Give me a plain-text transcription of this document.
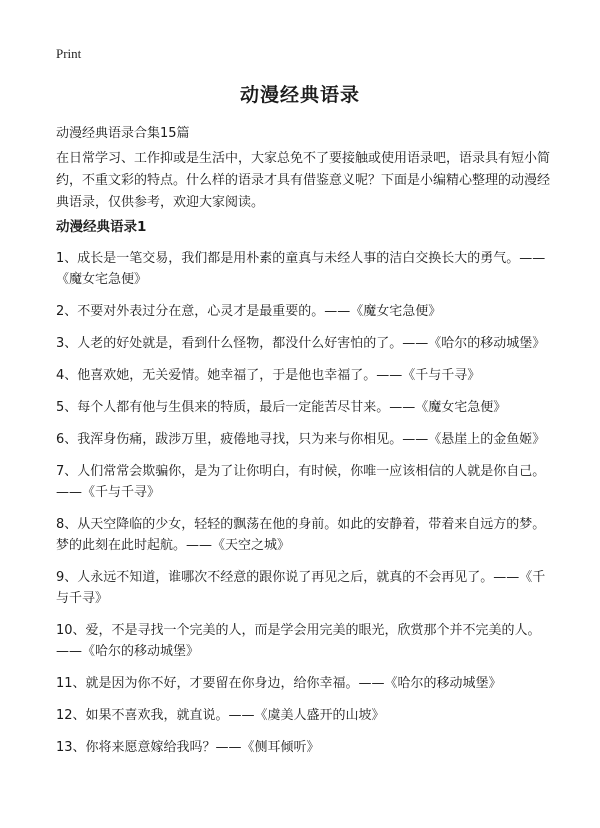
Print
动漫经典语录
动漫经典语录合集15篇
在日常学习、工作抑或是生活中，大家总免不了要接触或使用语录吧，语录具有短小简约，不重文彩的特点。什么样的语录才具有借鉴意义呢？下面是小编精心整理的动漫经典语录，仅供参考，欢迎大家阅读。
动漫经典语录1

1、成长是一笔交易，我们都是用朴素的童真与未经人事的洁白交换长大的勇气。——《魔女宅急便》

2、不要对外表过分在意，心灵才是最重要的。——《魔女宅急便》

3、人老的好处就是，看到什么怪物，都没什么好害怕的了。——《哈尔的移动城堡》

4、他喜欢她，无关爱情。她幸福了，于是他也幸福了。——《千与千寻》

5、每个人都有他与生俱来的特质，最后一定能苦尽甘来。——《魔女宅急便》

6、我浑身伤痛，跋涉万里，疲倦地寻找，只为来与你相见。——《悬崖上的金鱼姬》

7、人们常常会欺骗你，是为了让你明白，有时候，你唯一应该相信的人就是你自己。——《千与千寻》

8、从天空降临的少女，轻轻的飘荡在他的身前。如此的安静着，带着来自远方的梦。梦的此刻在此时起航。——《天空之城》

9、人永远不知道，谁哪次不经意的跟你说了再见之后，就真的不会再见了。——《千与千寻》

10、爱，不是寻找一个完美的人，而是学会用完美的眼光，欣赏那个并不完美的人。——《哈尔的移动城堡》

11、就是因为你不好，才要留在你身边，给你幸福。——《哈尔的移动城堡》

12、如果不喜欢我，就直说。——《虞美人盛开的山坡》

13、你将来愿意嫁给我吗？——《侧耳倾听》
